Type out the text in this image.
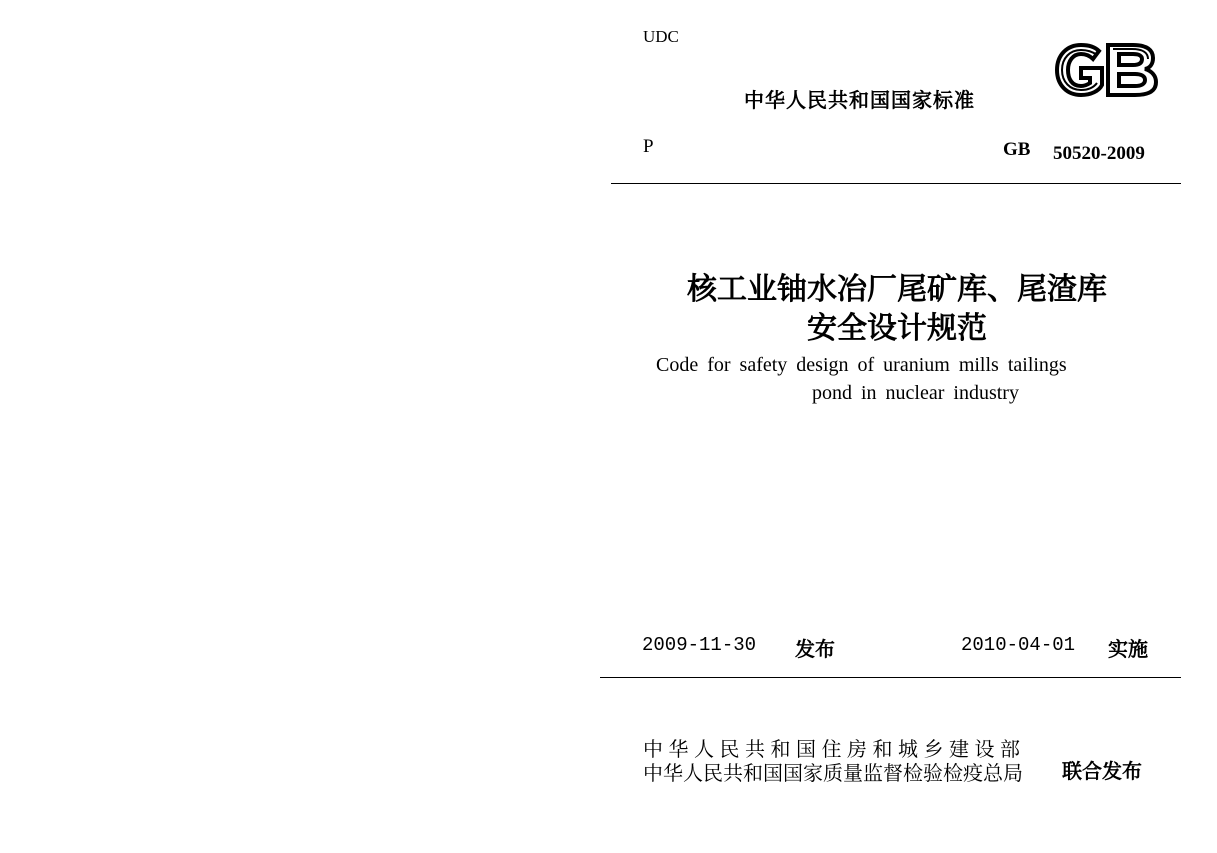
UDC
中华人民共和国国家标准
P	GB 50520-2009
核工业铀水冶厂尾矿库、尾渣库
安全设计规范
Code for safety design of uranium mills tailings
pond in nuclear industry
2009-11-30 发布	2010-04-01 实施
中华人民共和国住房和城乡建设部
中华人民共和国国家质量监督检验检疫总局 联合发布
